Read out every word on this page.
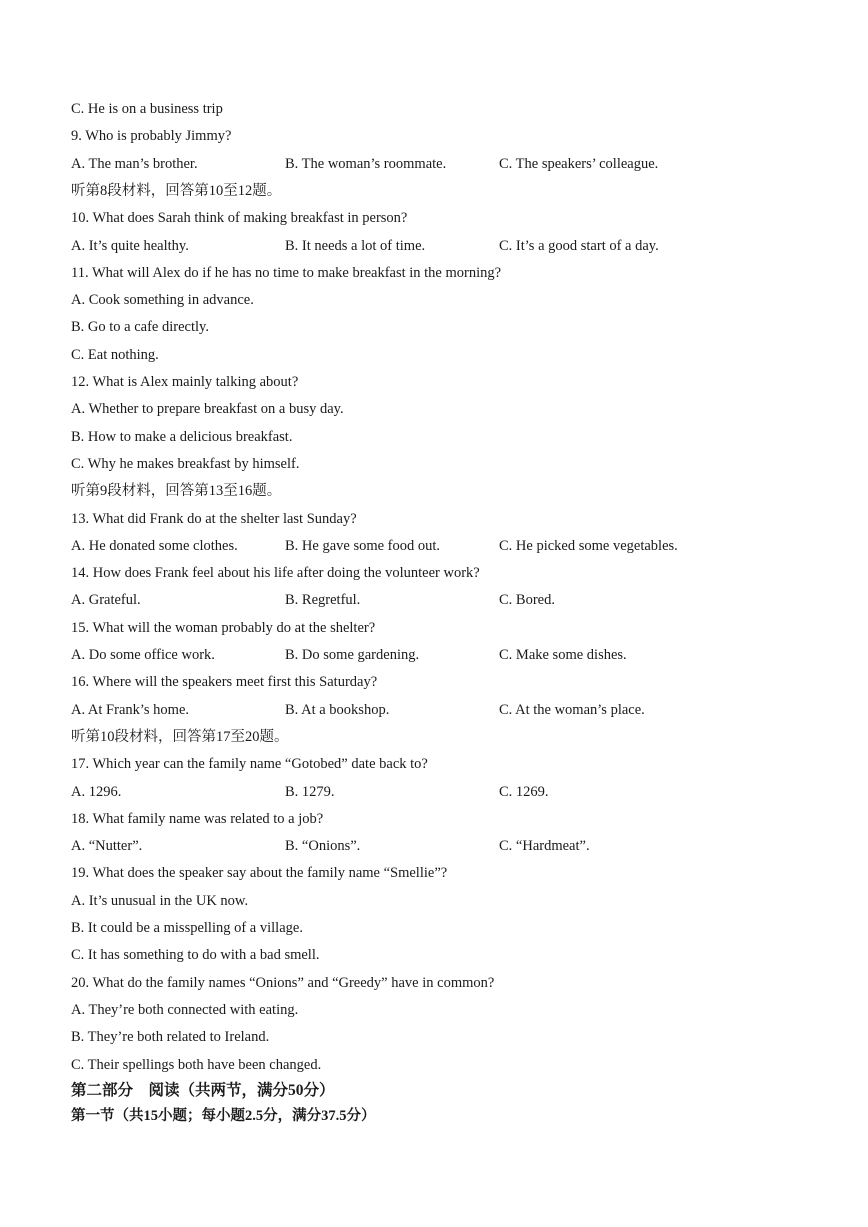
C. He is on a business trip
9. Who is probably Jimmy?
A. The man’s brother.	B. The woman’s roommate.	C. The speakers’ colleague.
听第8段材料，回答第10至12题。
10. What does Sarah think of making breakfast in person?
A. It’s quite healthy.	B. It needs a lot of time.	C. It’s a good start of a day.
11. What will Alex do if he has no time to make breakfast in the morning?
A. Cook something in advance.
B. Go to a cafe directly.
C. Eat nothing.
12. What is Alex mainly talking about?
A. Whether to prepare breakfast on a busy day.
B. How to make a delicious breakfast.
C. Why he makes breakfast by himself.
听第9段材料，回答第13至16题。
13. What did Frank do at the shelter last Sunday?
A. He donated some clothes.	B. He gave some food out.	C. He picked some vegetables.
14. How does Frank feel about his life after doing the volunteer work?
A. Grateful.	B. Regretful.	C. Bored.
15. What will the woman probably do at the shelter?
A. Do some office work.	B. Do some gardening.	C. Make some dishes.
16. Where will the speakers meet first this Saturday?
A. At Frank’s home.	B. At a bookshop.	C. At the woman’s place.
听第10段材料，回答第17至20题。
17. Which year can the family name “Gotobed” date back to?
A. 1296.	B. 1279.	C. 1269.
18. What family name was related to a job?
A. “Nutter”.	B. “Onions”.	C. “Hardmeat”.
19. What does the speaker say about the family name “Smellie”?
A. It’s unusual in the UK now.
B. It could be a misspelling of a village.
C. It has something to do with a bad smell.
20. What do the family names “Onions” and “Greedy” have in common?
A. They’re both connected with eating.
B. They’re both related to Ireland.
C. Their spellings both have been changed.
第二部分    阅读（共两节，满分50分）
第一节（共15小题；每小题2.5分，满分37.5分）
